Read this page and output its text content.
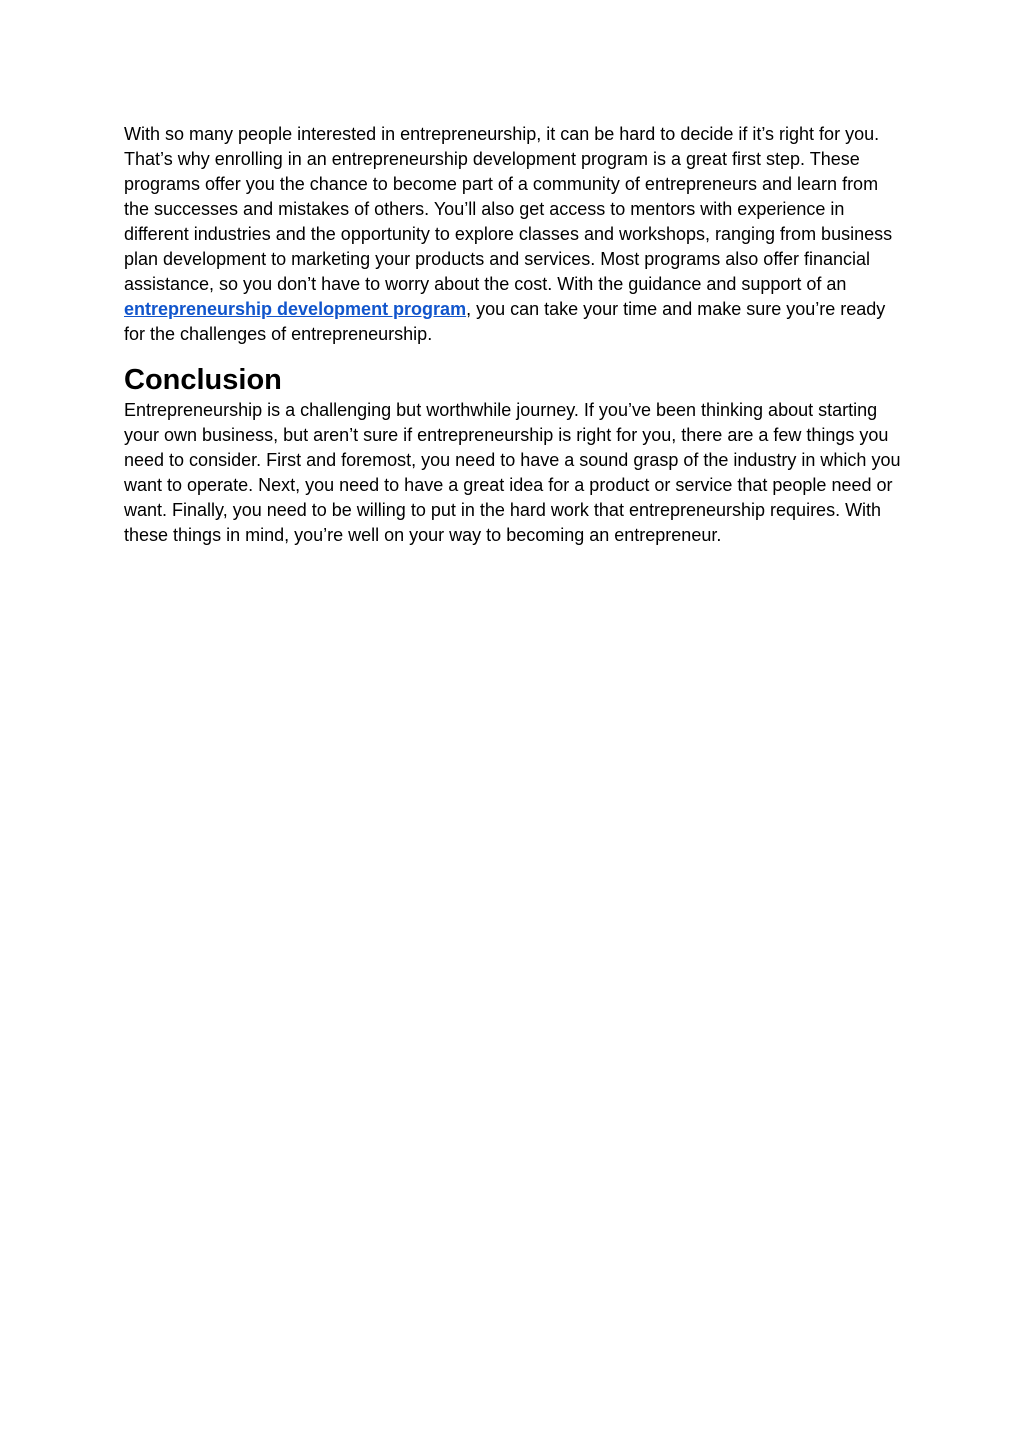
With so many people interested in entrepreneurship, it can be hard to decide if it’s right for you. That’s why enrolling in an entrepreneurship development program is a great first step. These programs offer you the chance to become part of a community of entrepreneurs and learn from the successes and mistakes of others. You’ll also get access to mentors with experience in different industries and the opportunity to explore classes and workshops, ranging from business plan development to marketing your products and services. Most programs also offer financial assistance, so you don’t have to worry about the cost. With the guidance and support of an entrepreneurship development program, you can take your time and make sure you’re ready for the challenges of entrepreneurship.

Conclusion

Entrepreneurship is a challenging but worthwhile journey. If you’ve been thinking about starting your own business, but aren’t sure if entrepreneurship is right for you, there are a few things you need to consider. First and foremost, you need to have a sound grasp of the industry in which you want to operate. Next, you need to have a great idea for a product or service that people need or want. Finally, you need to be willing to put in the hard work that entrepreneurship requires. With these things in mind, you’re well on your way to becoming an entrepreneur.
